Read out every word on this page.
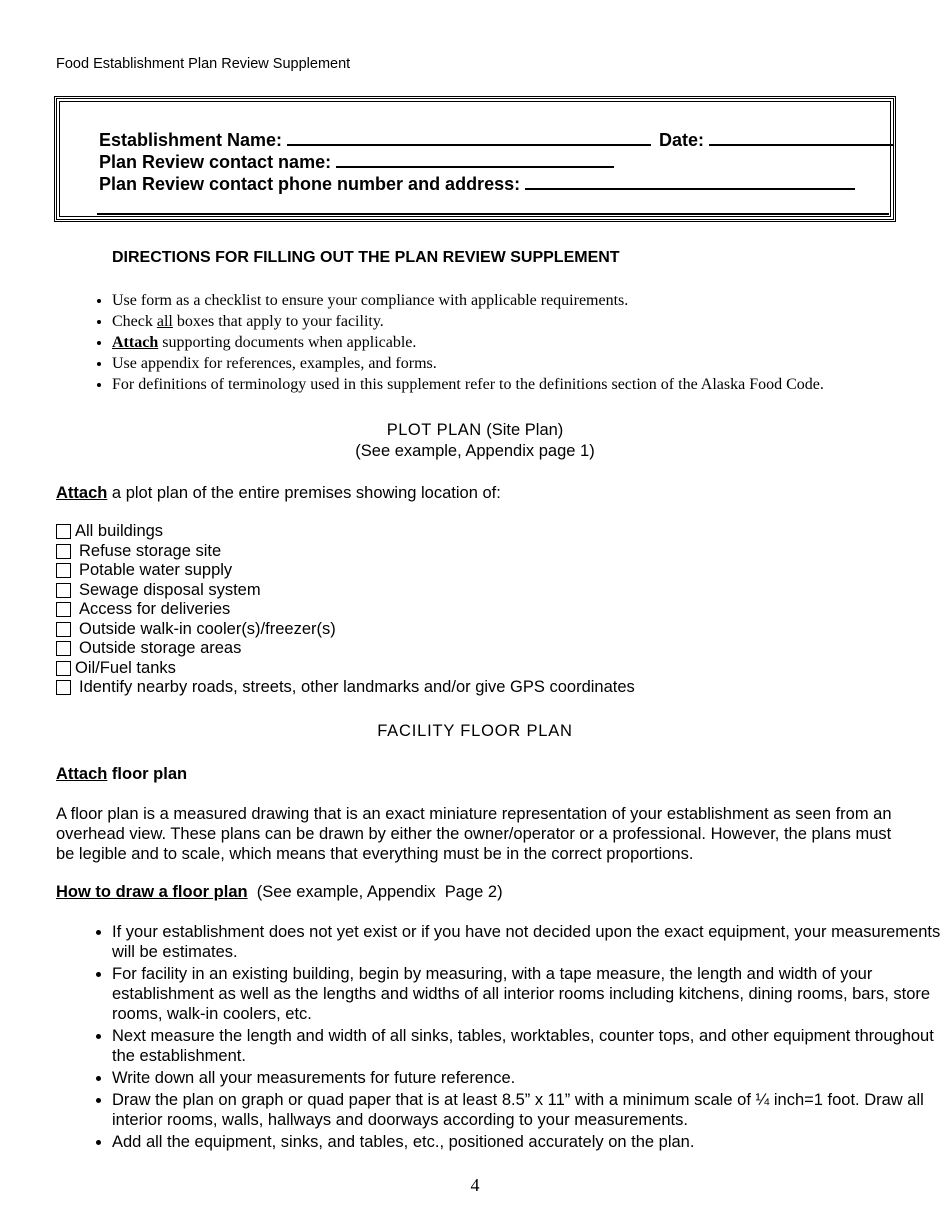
Food Establishment Plan Review Supplement
Establishment Name:	Date:
Plan Review contact name:
Plan Review contact phone number and address:
DIRECTIONS FOR FILLING OUT THE PLAN REVIEW SUPPLEMENT
• Use form as a checklist to ensure your compliance with applicable requirements.
• Check all boxes that apply to your facility.
• Attach supporting documents when applicable.
• Use appendix for references, examples, and forms.
• For definitions of terminology used in this supplement refer to the definitions section of the Alaska Food Code.
PLOT PLAN (Site Plan)
(See example, Appendix page 1)
Attach a plot plan of the entire premises showing location of:
All buildings
Refuse storage site
Potable water supply
Sewage disposal system
Access for deliveries
Outside walk-in cooler(s)/freezer(s)
Outside storage areas
Oil/Fuel tanks
Identify nearby roads, streets, other landmarks and/or give GPS coordinates
FACILITY FLOOR PLAN
Attach floor plan
A floor plan is a measured drawing that is an exact miniature representation of your establishment as seen from an overhead view. These plans can be drawn by either the owner/operator or a professional. However, the plans must be legible and to scale, which means that everything must be in the correct proportions.
How to draw a floor plan  (See example, Appendix  Page 2)
• If your establishment does not yet exist or if you have not decided upon the exact equipment, your measurements will be estimates.
• For facility in an existing building, begin by measuring, with a tape measure, the length and width of your establishment as well as the lengths and widths of all interior rooms including kitchens, dining rooms, bars, store rooms, walk-in coolers, etc.
• Next measure the length and width of all sinks, tables, worktables, counter tops, and other equipment throughout the establishment.
• Write down all your measurements for future reference.
• Draw the plan on graph or quad paper that is at least 8.5” x 11” with a minimum scale of ¼ inch=1 foot. Draw all interior rooms, walls, hallways and doorways according to your measurements.
• Add all the equipment, sinks, and tables, etc., positioned accurately on the plan.
4
